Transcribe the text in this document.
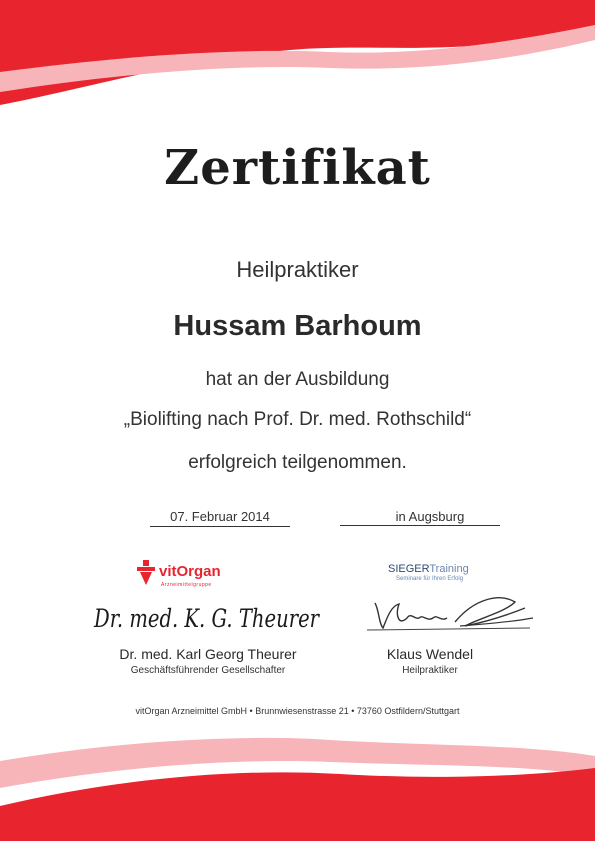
Zertifikat
Heilpraktiker
Hussam Barhoum
hat an der Ausbildung
„Biolifting nach Prof. Dr. med. Rothschild“
erfolgreich teilgenommen.
07. Februar 2014	in Augsburg
vitOrgan
Arzneimittelgruppe
SIEGERTraining
Seminare für Ihren Erfolg
Dr. med. K. G. Theurer
Dr. med. Karl Georg Theurer
Geschäftsführender Gesellschafter
Klaus Wendel
Heilpraktiker
vitOrgan Arzneimittel GmbH • Brunnwiesenstrasse 21 • 73760 Ostfildern/Stuttgart
